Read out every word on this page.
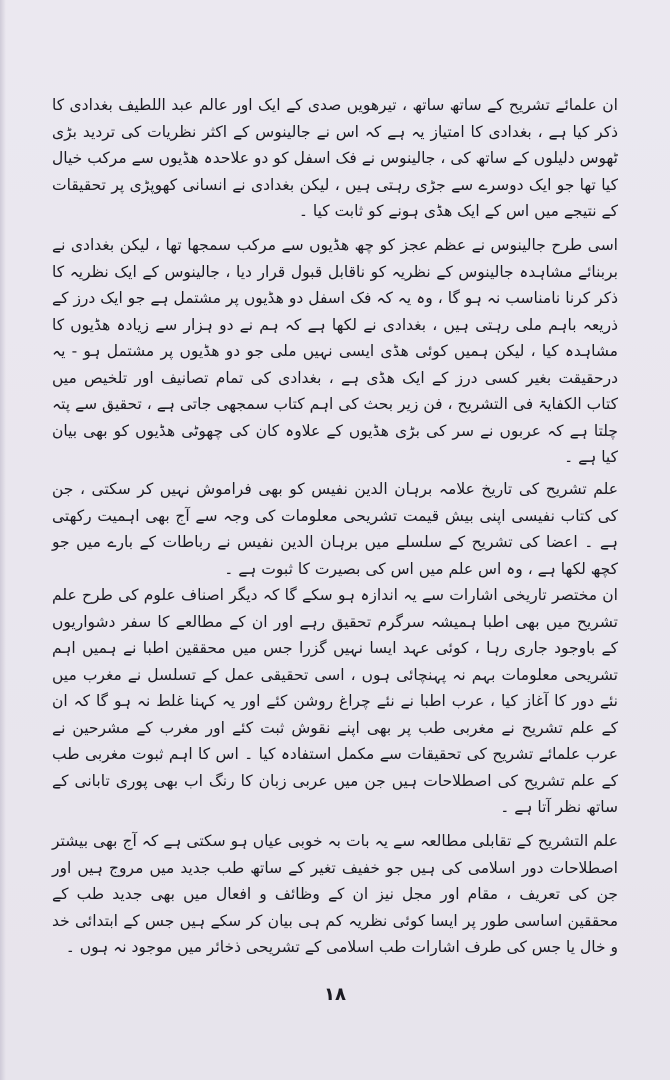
ان علمائے تشریح کے ساتھ ساتھ ، تیرھویں صدی کے ایک اور عالم عبد اللطیف بغدادی کا ذکر کیا ہے ، بغدادی کا امتیاز یہ ہے کہ اس نے جالینوس کے اکثر نظریات کی تردید بڑی ٹھوس دلیلوں کے ساتھ کی ، جالینوس نے فک اسفل کو دو علاحدہ ھڈیوں سے مرکب خیال کیا تھا جو ایک دوسرے سے جڑی رہتی ہیں ، لیکن بغدادی نے انسانی کھوپڑی پر تحقیقات کے نتیجے میں اس کے ایک ھڈی ہونے کو ثابت کیا ۔

اسی طرح جالینوس نے عظم عجز کو چھ ھڈیوں سے مرکب سمجھا تھا ، لیکن بغدادی نے بربنائے مشاہدہ جالینوس کے نظریہ کو ناقابل قبول قرار دیا ، جالینوس کے ایک نظریہ کا ذکر کرنا نامناسب نہ ہو گا ، وہ یہ کہ فک اسفل دو ھڈیوں پر مشتمل ہے جو ایک درز کے ذریعہ باہم ملی رہتی ہیں ، بغدادی نے لکھا ہے کہ ہم نے دو ہزار سے زیادہ ھڈیوں کا مشاہدہ کیا ، لیکن ہمیں کوئی ھڈی ایسی نہیں ملی جو دو ھڈیوں پر مشتمل ہو - یہ درحقیقت بغیر کسی درز کے ایک ھڈی ہے ، بغدادی کی تمام تصانیف اور تلخیص میں کتاب الکفایۃ فی التشریح ، فن زیر بحث کی اہم کتاب سمجھی جاتی ہے ، تحقیق سے پتہ چلتا ہے کہ عربوں نے سر کی بڑی ھڈیوں کے علاوہ کان کی چھوٹی ھڈیوں کو بھی بیان کیا ہے ۔

علم تشریح کی تاریخ علامہ برہان الدین نفیس کو بھی فراموش نہیں کر سکتی ، جن کی کتاب نفیسی اپنی بیش قیمت تشریحی معلومات کی وجہ سے آج بھی اہمیت رکھتی ہے ۔ اعضا کی تشریح کے سلسلے میں برہان الدین نفیس نے رباطات کے بارے میں جو کچھ لکھا ہے ، وہ اس علم میں اس کی بصیرت کا ثبوت ہے ۔

ان مختصر تاریخی اشارات سے یہ اندازہ ہو سکے گا کہ دیگر اصناف علوم کی طرح علم تشریح میں بھی اطبا ہمیشہ سرگرم تحقیق رہے اور ان کے مطالعے کا سفر دشواریوں کے باوجود جاری رہا ، کوئی عہد ایسا نہیں گزرا جس میں محققین اطبا نے ہمیں اہم تشریحی معلومات بہم نہ پہنچائی ہوں ، اسی تحقیقی عمل کے تسلسل نے مغرب میں نئے دور کا آغاز کیا ، عرب اطبا نے نئے چراغ روشن کئے اور یہ کہنا غلط نہ ہو گا کہ ان کے علم تشریح نے مغربی طب پر بھی اپنے نقوش ثبت کئے اور مغرب کے مشرحین نے عرب علمائے تشریح کی تحقیقات سے مکمل استفادہ کیا ۔ اس کا اہم ثبوت مغربی طب کے علم تشریح کی اصطلاحات ہیں جن میں عربی زبان کا رنگ اب بھی پوری تابانی کے ساتھ نظر آتا ہے ۔

علم التشریح کے تقابلی مطالعہ سے یہ بات بہ خوبی عیاں ہو سکتی ہے کہ آج بھی بیشتر اصطلاحات دور اسلامی کی ہیں جو خفیف تغیر کے ساتھ طب جدید میں مروج ہیں اور جن کی تعریف ، مقام اور مجل نیز ان کے وظائف و افعال میں بھی جدید طب کے محققین اساسی طور پر ایسا کوئی نظریہ کم ہی بیان کر سکے ہیں جس کے ابتدائی خد و خال یا جس کی طرف اشارات طب اسلامی کے تشریحی ذخائر میں موجود نہ ہوں ۔

۱۸
